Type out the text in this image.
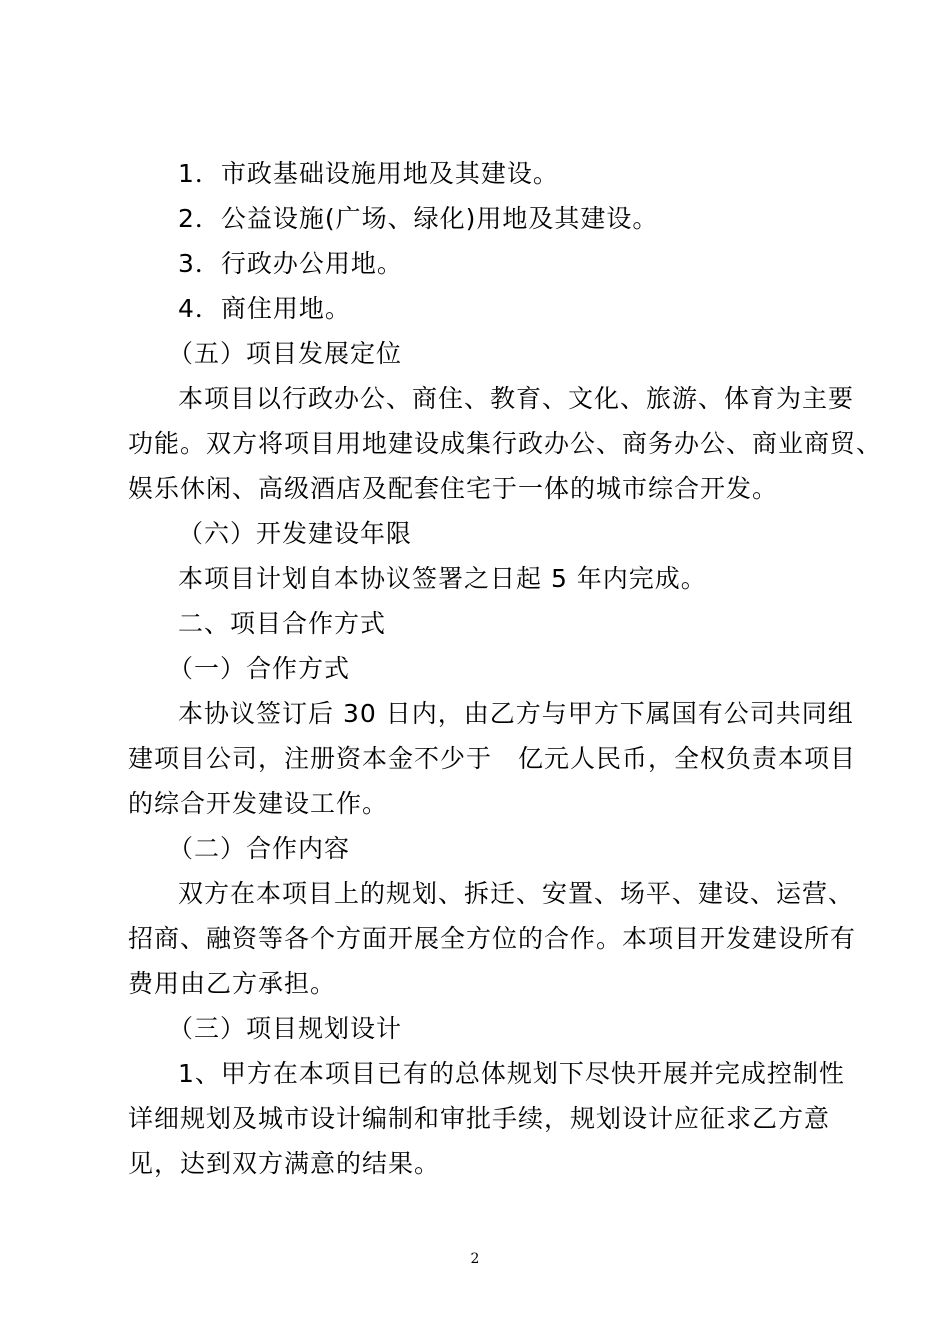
1．市政基础设施用地及其建设。
2．公益设施(广场、绿化)用地及其建设。
3．行政办公用地。
4．商住用地。
（五）项目发展定位
本项目以行政办公、商住、教育、文化、旅游、体育为主要
功能。双方将项目用地建设成集行政办公、商务办公、商业商贸、
娱乐休闲、高级酒店及配套住宅于一体的城市综合开发。
（六）开发建设年限
本项目计划自本协议签署之日起 5 年内完成。
二、项目合作方式
（一）合作方式
本协议签订后 30 日内，由乙方与甲方下属国有公司共同组
建项目公司，注册资本金不少于　亿元人民币，全权负责本项目
的综合开发建设工作。
（二）合作内容
双方在本项目上的规划、拆迁、安置、场平、建设、运营、
招商、融资等各个方面开展全方位的合作。本项目开发建设所有
费用由乙方承担。
（三）项目规划设计
1、甲方在本项目已有的总体规划下尽快开展并完成控制性
详细规划及城市设计编制和审批手续，规划设计应征求乙方意
见，达到双方满意的结果。
2
